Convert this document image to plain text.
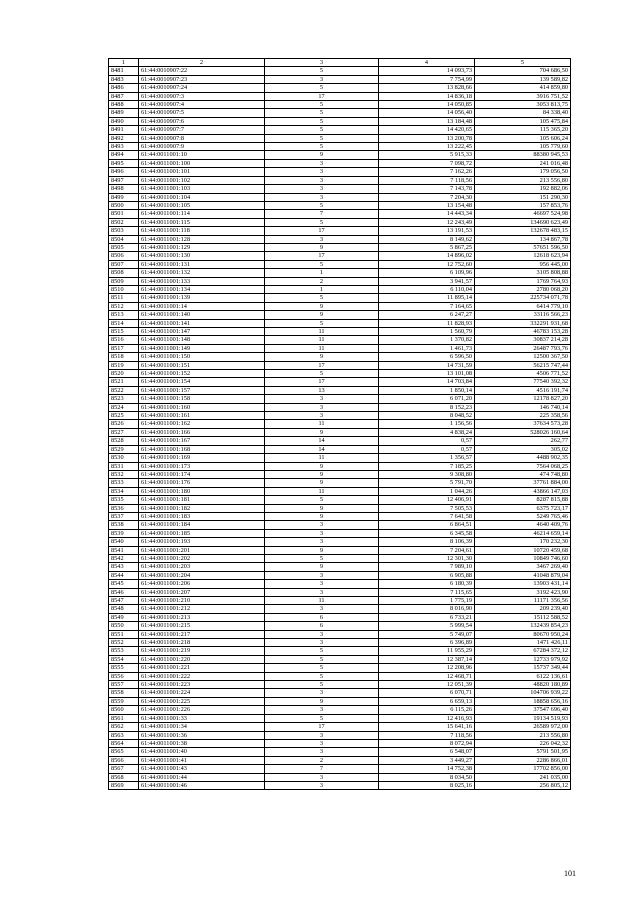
1	2	3	4	5
8481	61:44:0010907:22	5	14 093,73	704 686,50
8483	61:44:0010907:23	3	7 754,99	139 589,82
8486	61:44:0010907:24	5	13 828,66	414 859,80
8487	61:44:0010907:3	17	14 836,18	3916 751,52
8488	61:44:0010907:4	5	14 050,85	3053 813,75
8489	61:44:0010907:5	5	14 056,40	84 338,40
8490	61:44:0010907:6	5	13 184,48	105 475,84
8491	61:44:0010907:7	5	14 420,65	115 365,20
8492	61:44:0010907:8	5	13 200,78	105 606,24
8493	61:44:0010907:9	5	13 222,45	105 779,60
8494	61:44:0011001:10	9	5 915,33	88380 945,53
8495	61:44:0011001:100	3	7 098,72	241 016,48
8496	61:44:0011001:101	3	7 162,26	179 056,50
8497	61:44:0011001:102	3	7 118,56	213 556,80
8498	61:44:0011001:103	3	7 143,78	192 882,06
8499	61:44:0011001:104	3	7 204,30	151 290,30
8500	61:44:0011001:105	5	13 154,48	157 853,76
8501	61:44:0011001:114	7	14 443,34	46697 524,98
8502	61:44:0011001:115	5	12 243,49	134690 623,49
8503	61:44:0011001:118	17	13 191,53	132678 483,15
8504	61:44:0011001:128	3	8 149,62	134 867,78
8505	61:44:0011001:129	9	5 867,25	57651 596,50
8506	61:44:0011001:130	17	14 896,02	12618 623,94
8507	61:44:0011001:131	5	12 752,60	956 445,00
8508	61:44:0011001:132	1	6 109,96	3105 808,88
8509	61:44:0011001:133	2	3 941,57	1769 764,93
8510	61:44:0011001:134	1	6 110,04	2780 068,20
8511	61:44:0011001:139	5	11 895,14	225734 071,78
8512	61:44:0011001:14	9	7 164,65	6414 779,10
8513	61:44:0011001:140	9	6 247,27	33116 566,23
8514	61:44:0011001:141	5	11 828,93	332291 931,68
8515	61:44:0011001:147	11	1 560,79	46783 153,28
8516	61:44:0011001:148	11	1 370,82	30837 214,28
8517	61:44:0011001:149	11	1 461,73	26487 793,76
8518	61:44:0011001:150	9	6 596,50	12500 367,50
8519	61:44:0011001:151	17	14 731,59	56215 747,44
8520	61:44:0011001:152	5	13 101,08	4506 771,52
8521	61:44:0011001:154	17	14 703,84	77540 392,32
8522	61:44:0011001:157	13	1 850,14	4516 191,74
8523	61:44:0011001:158	3	6 071,20	12178 827,20
8524	61:44:0011001:160	3	8 152,23	146 740,14
8525	61:44:0011001:161	3	8 048,52	225 358,56
8526	61:44:0011001:162	11	1 156,56	37634 573,28
8527	61:44:0011001:166	9	4 838,24	528026 160,64
8528	61:44:0011001:167	14	0,57	262,77
8529	61:44:0011001:168	14	0,57	305,02
8530	61:44:0011001:169	11	1 356,57	4488 902,35
8531	61:44:0011001:173	9	7 185,25	7564 068,25
8532	61:44:0011001:174	9	9 308,80	474 748,80
8533	61:44:0011001:176	9	5 791,70	37761 884,00
8534	61:44:0011001:180	11	1 044,26	43866 147,03
8535	61:44:0011001:181	5	12 406,91	8287 815,88
8536	61:44:0011001:182	9	7 505,53	6375 723,17
8537	61:44:0011001:183	9	7 641,58	5249 765,46
8538	61:44:0011001:184	3	6 864,51	4640 409,76
8539	61:44:0011001:185	3	6 345,58	46214 659,14
8540	61:44:0011001:193	3	8 106,39	170 232,30
8541	61:44:0011001:201	9	7 204,61	10720 459,68
8542	61:44:0011001:202	5	12 301,30	10849 746,60
8543	61:44:0011001:203	9	7 989,10	3467 269,40
8544	61:44:0011001:204	3	6 905,88	41048 879,04
8545	61:44:0011001:206	3	6 180,39	13903 431,14
8546	61:44:0011001:207	3	7 115,65	3192 423,90
8547	61:44:0011001:210	11	1 775,19	11171 356,56
8548	61:44:0011001:212	3	8 016,90	209 239,40
8549	61:44:0011001:213	6	6 733,21	15112 588,52
8550	61:44:0011001:215	6	5 999,54	132439 854,23
8551	61:44:0011001:217	3	5 749,07	80670 950,24
8552	61:44:0011001:218	3	6 396,89	1471 426,11
8553	61:44:0011001:219	5	11 955,29	67284 372,12
8554	61:44:0011001:220	5	12 387,14	12733 979,92
8555	61:44:0011001:221	5	12 208,96	15737 349,44
8556	61:44:0011001:222	5	12 468,71	6122 136,61
8557	61:44:0011001:223	5	12 051,39	48820 180,89
8558	61:44:0011001:224	3	6 070,71	104706 939,22
8559	61:44:0011001:225	9	6 659,13	18858 656,16
8560	61:44:0011001:226	3	6 115,26	37547 696,40
8561	61:44:0011001:33	5	12 416,93	19134 519,93
8562	61:44:0011001:34	17	15 641,16	26589 972,00
8563	61:44:0011001:36	3	7 118,56	213 556,80
8564	61:44:0011001:38	3	8 072,94	226 042,32
8565	61:44:0011001:40	3	6 548,07	5791 501,95
8566	61:44:0011001:41	2	3 449,27	2286 866,01
8567	61:44:0011001:43	7	14 752,38	17702 856,00
8568	61:44:0011001:44	3	8 034,50	241 035,00
8569	61:44:0011001:46	3	8 025,16	256 805,12
101
